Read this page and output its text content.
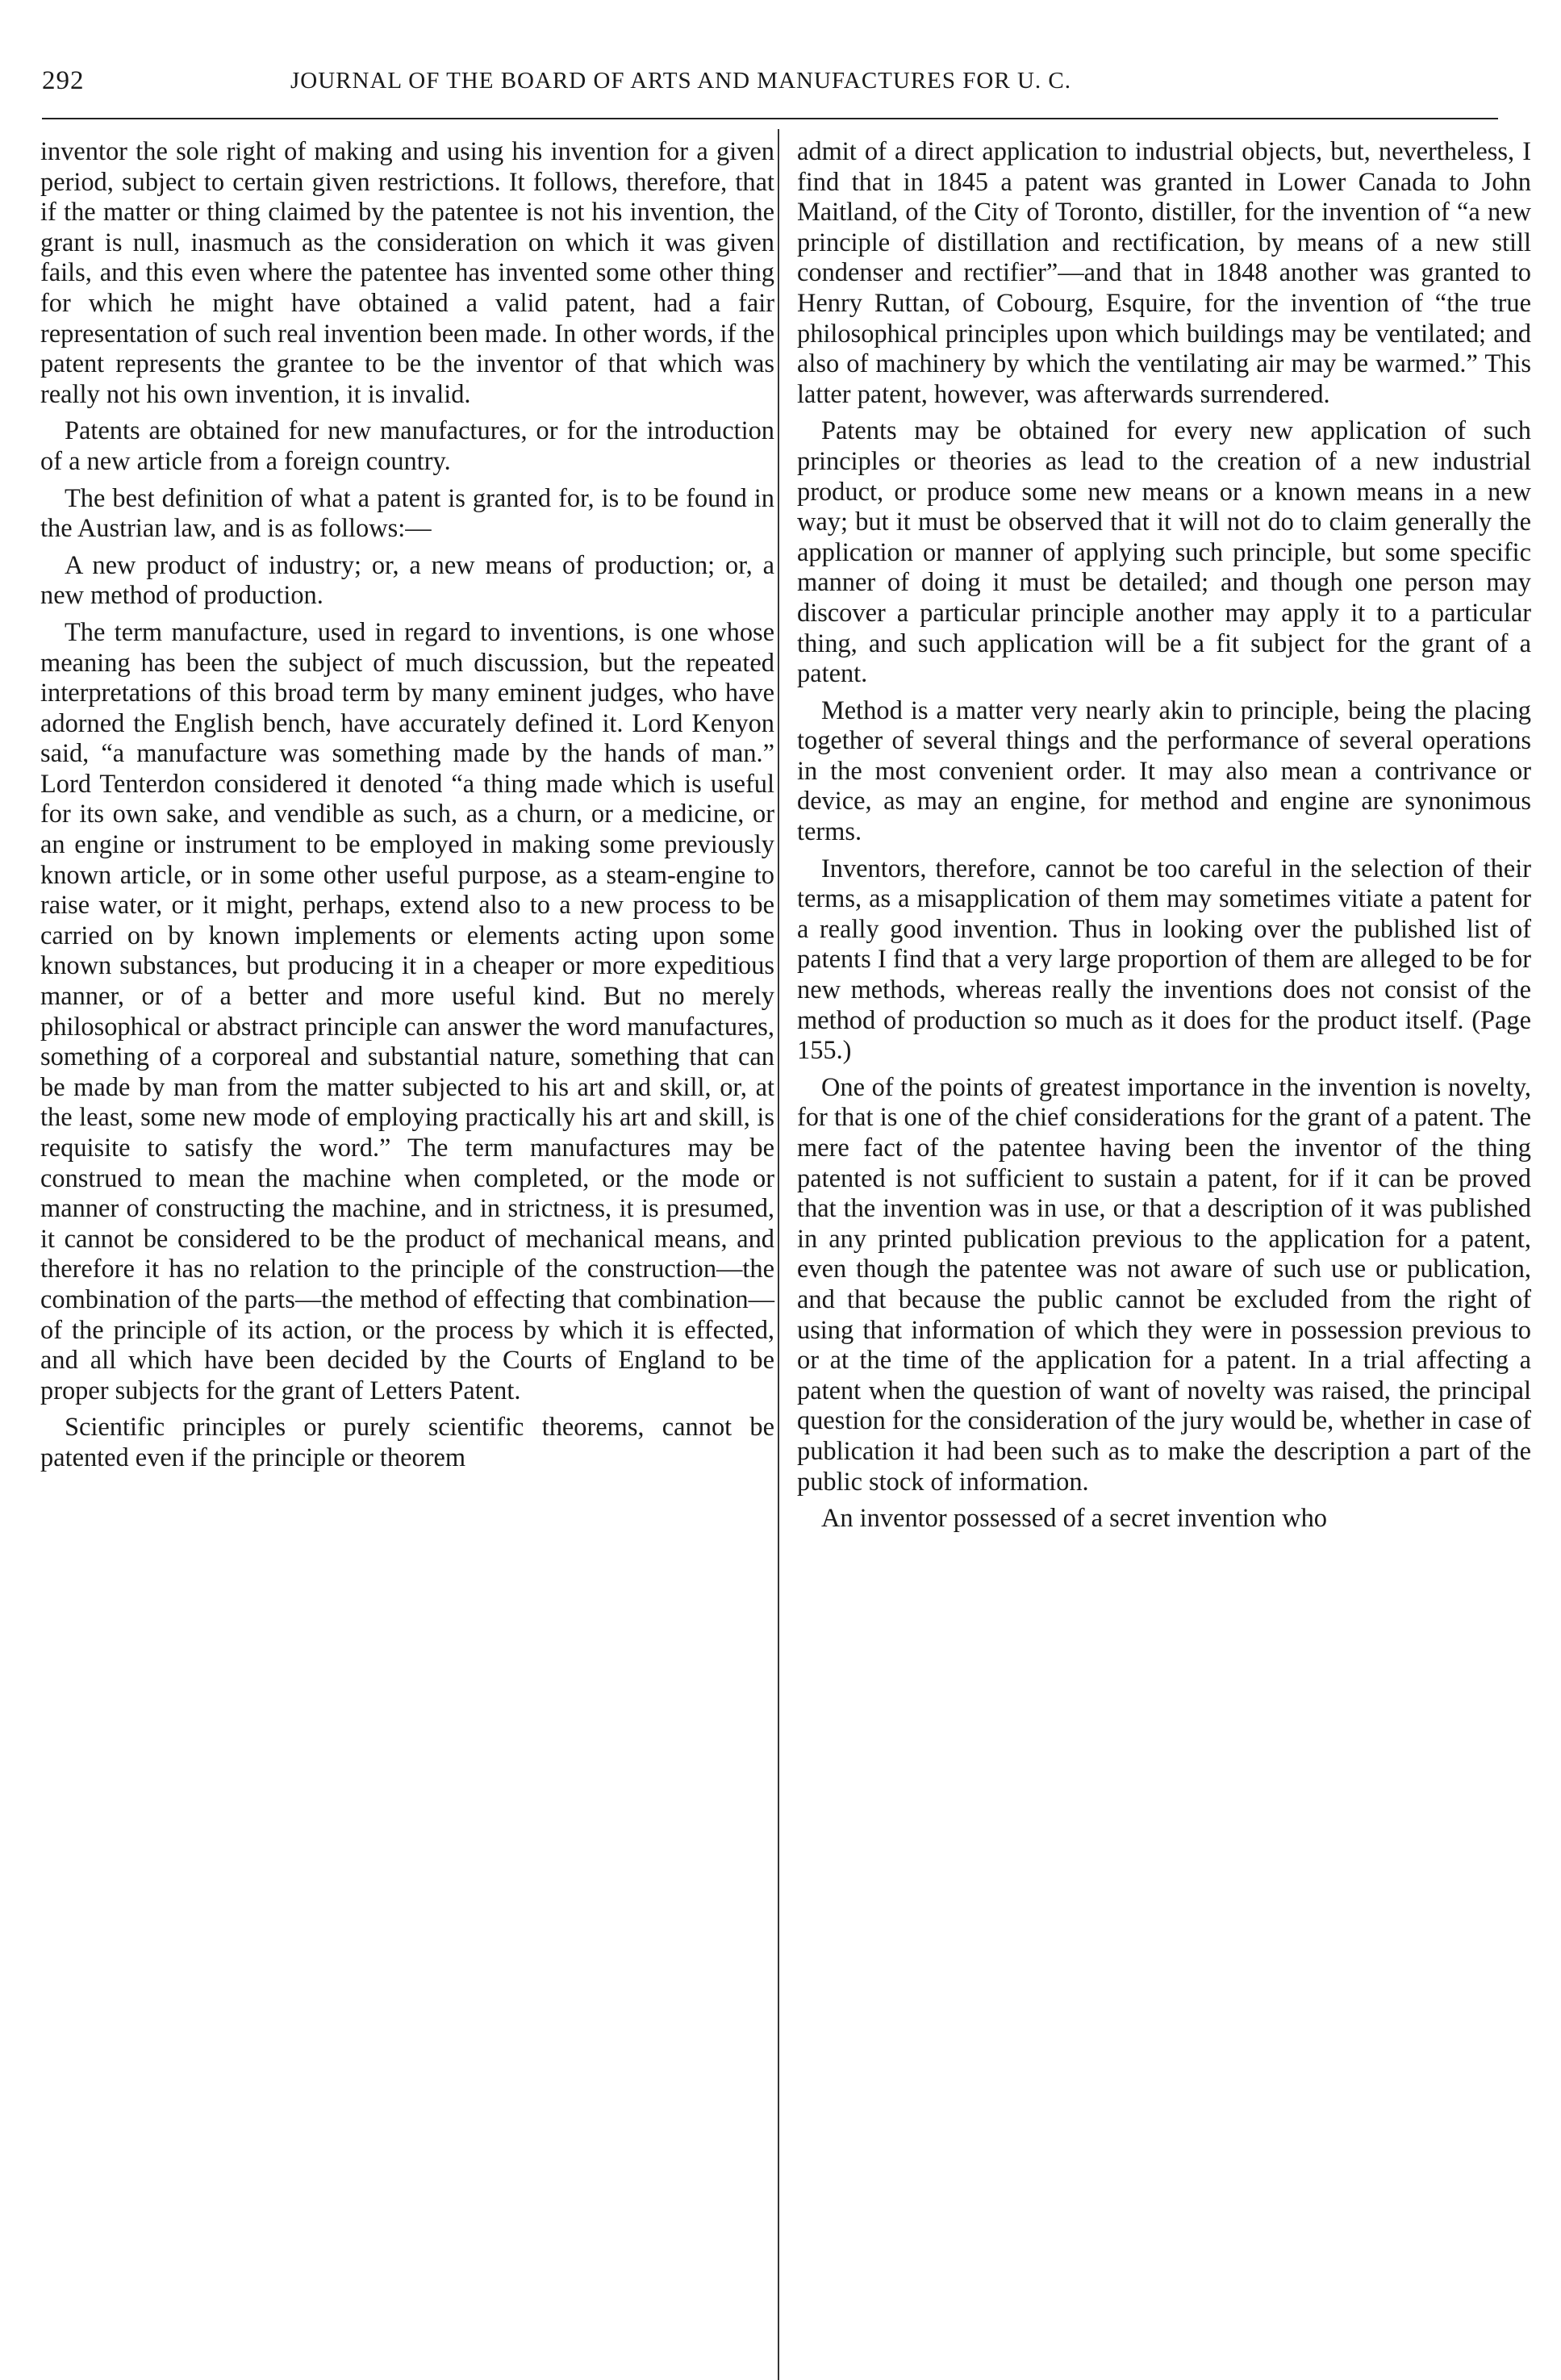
292	JOURNAL OF THE BOARD OF ARTS AND MANUFACTURES FOR U. C.

inventor the sole right of making and using his invention for a given period, subject to certain given restrictions. It follows, therefore, that if the matter or thing claimed by the patentee is not his invention, the grant is null, inasmuch as the consideration on which it was given fails, and this even where the patentee has invented some other thing for which he might have obtained a valid patent, had a fair representation of such real invention been made. In other words, if the patent represents the grantee to be the inventor of that which was really not his own invention, it is invalid.

Patents are obtained for new manufactures, or for the introduction of a new article from a foreign country.

The best definition of what a patent is granted for, is to be found in the Austrian law, and is as follows:—

A new product of industry; or, a new means of production; or, a new method of production.

The term manufacture, used in regard to inventions, is one whose meaning has been the subject of much discussion, but the repeated interpretations of this broad term by many eminent judges, who have adorned the English bench, have accurately defined it. Lord Kenyon said, “a manufacture was something made by the hands of man.” Lord Tenterdon considered it denoted “a thing made which is useful for its own sake, and vendible as such, as a churn, or a medicine, or an engine or instrument to be employed in making some previously known article, or in some other useful purpose, as a steam-engine to raise water, or it might, perhaps, extend also to a new process to be carried on by known implements or elements acting upon some known substances, but producing it in a cheaper or more expeditious manner, or of a better and more useful kind. But no merely philosophical or abstract principle can answer the word manufactures, something of a corporeal and substantial nature, something that can be made by man from the matter subjected to his art and skill, or, at the least, some new mode of employing practically his art and skill, is requisite to satisfy the word.” The term manufactures may be construed to mean the machine when completed, or the mode or manner of constructing the machine, and in strictness, it is presumed, it cannot be considered to be the product of mechanical means, and therefore it has no relation to the principle of the construction—the combination of the parts—the method of effecting that combination—of the principle of its action, or the process by which it is effected, and all which have been decided by the Courts of England to be proper subjects for the grant of Letters Patent.

Scientific principles or purely scientific theorems, cannot be patented even if the principle or theorem

admit of a direct application to industrial objects, but, nevertheless, I find that in 1845 a patent was granted in Lower Canada to John Maitland, of the City of Toronto, distiller, for the invention of “a new principle of distillation and rectification, by means of a new still condenser and rectifier”—and that in 1848 another was granted to Henry Ruttan, of Cobourg, Esquire, for the invention of “the true philosophical principles upon which buildings may be ventilated; and also of machinery by which the ventilating air may be warmed.” This latter patent, however, was afterwards surrendered.

Patents may be obtained for every new application of such principles or theories as lead to the creation of a new industrial product, or produce some new means or a known means in a new way; but it must be observed that it will not do to claim generally the application or manner of applying such principle, but some specific manner of doing it must be detailed; and though one person may discover a particular principle another may apply it to a particular thing, and such application will be a fit subject for the grant of a patent.

Method is a matter very nearly akin to principle, being the placing together of several things and the performance of several operations in the most convenient order. It may also mean a contrivance or device, as may an engine, for method and engine are synonimous terms.

Inventors, therefore, cannot be too careful in the selection of their terms, as a misapplication of them may sometimes vitiate a patent for a really good invention. Thus in looking over the published list of patents I find that a very large proportion of them are alleged to be for new methods, whereas really the inventions does not consist of the method of production so much as it does for the product itself. (Page 155.)

One of the points of greatest importance in the invention is novelty, for that is one of the chief considerations for the grant of a patent. The mere fact of the patentee having been the inventor of the thing patented is not sufficient to sustain a patent, for if it can be proved that the invention was in use, or that a description of it was published in any printed publication previous to the application for a patent, even though the patentee was not aware of such use or publication, and that because the public cannot be excluded from the right of using that information of which they were in possession previous to or at the time of the application for a patent. In a trial affecting a patent when the question of want of novelty was raised, the principal question for the consideration of the jury would be, whether in case of publication it had been such as to make the description a part of the public stock of information.

An inventor possessed of a secret invention who
